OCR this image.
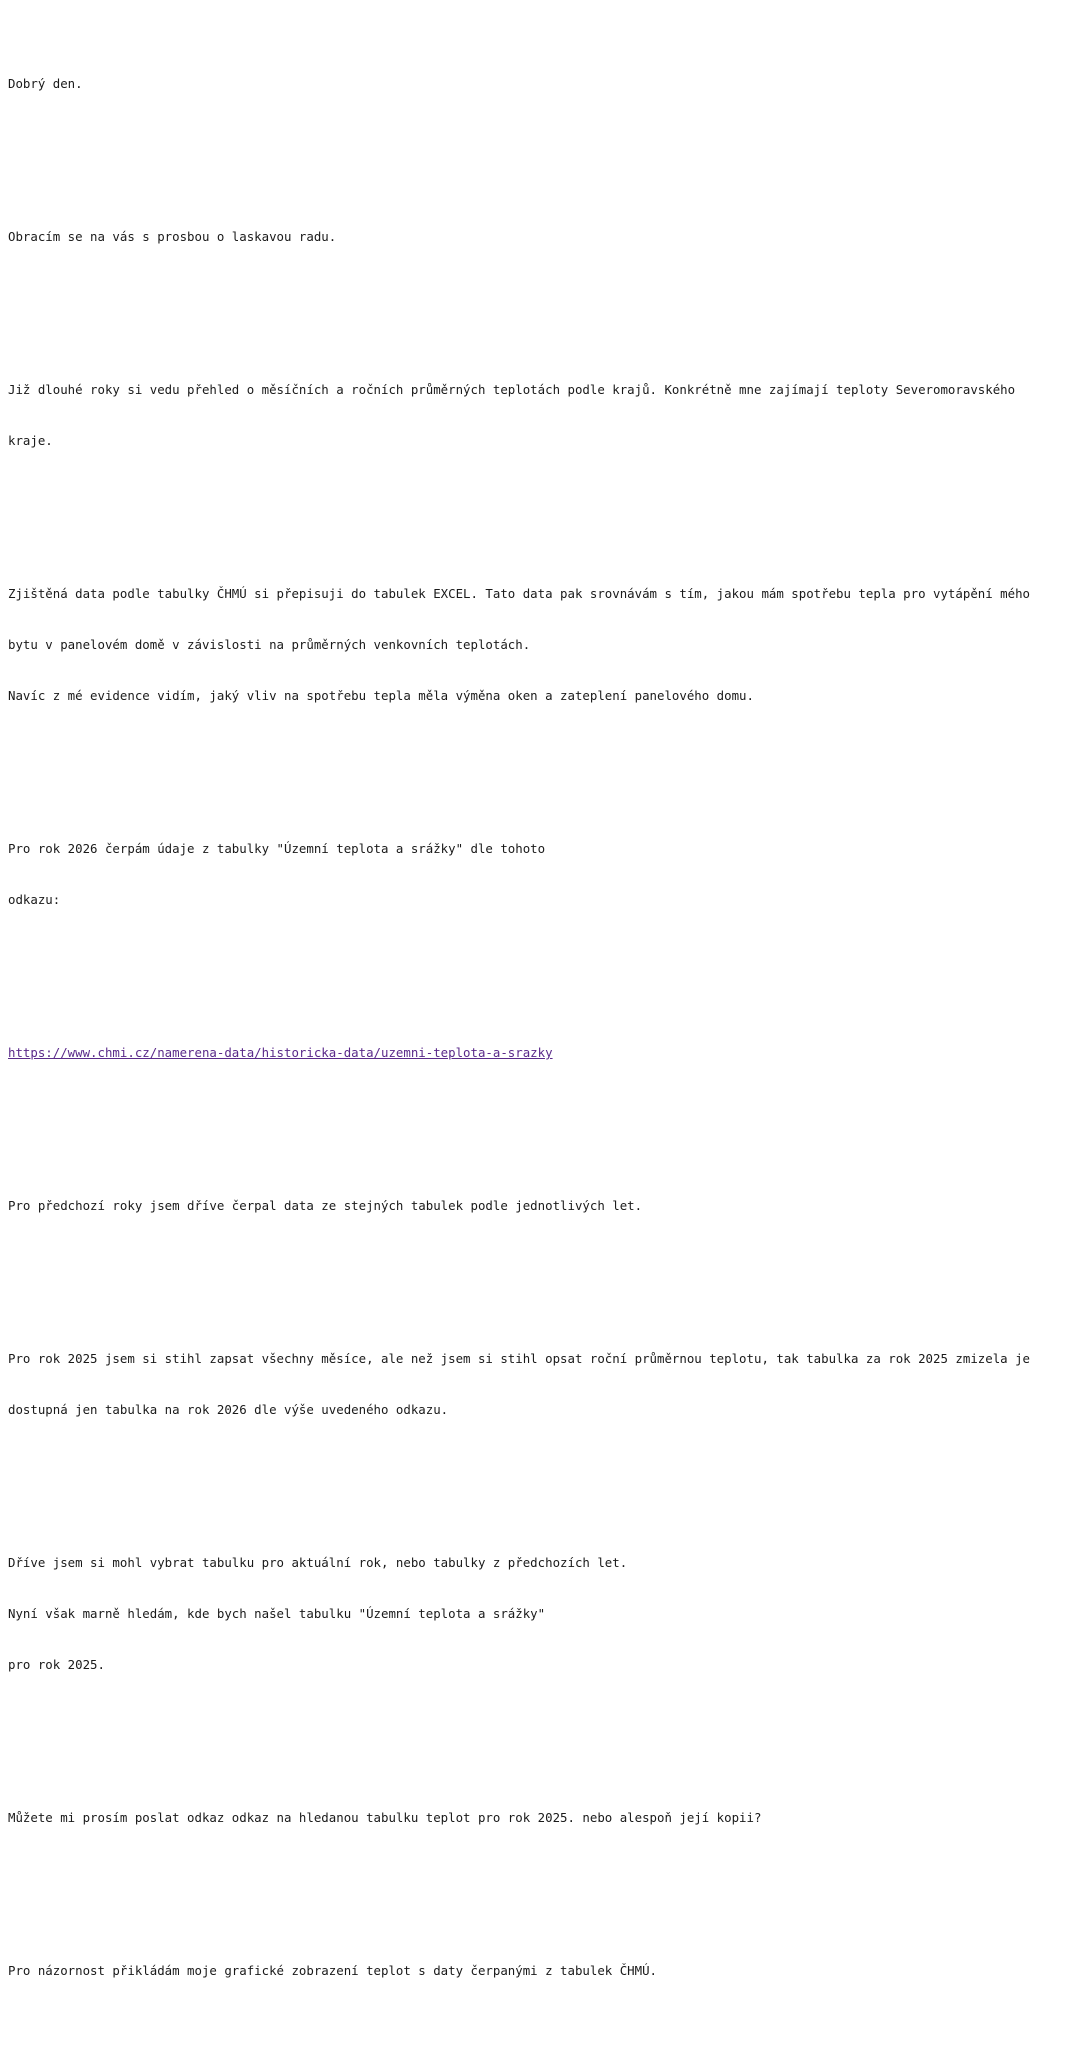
Dobrý den.

Obracím se na vás s prosbou o laskavou radu.

Již dlouhé roky si vedu přehled o měsíčních a ročních průměrných teplotách podle krajů. Konkrétně mne zajímají teploty Severomoravského

kraje.

Zjištěná data podle tabulky ČHMÚ si přepisuji do tabulek EXCEL. Tato data pak srovnávám s tím, jakou mám spotřebu tepla pro vytápění mého

bytu v panelovém domě v závislosti na průměrných venkovních teplotách.

Navíc z mé evidence vidím, jaký vliv na spotřebu tepla měla výměna oken a zateplení panelového domu.

Pro rok 2026 čerpám údaje z tabulky "Územní teplota a srážky" dle tohoto

odkazu:

https://www.chmi.cz/namerena-data/historicka-data/uzemni-teplota-a-srazky

Pro předchozí roky jsem dříve čerpal data ze stejných tabulek podle jednotlivých let.

Pro rok 2025 jsem si stihl zapsat všechny měsíce, ale než jsem si stihl opsat roční průměrnou teplotu, tak tabulka za rok 2025 zmizela je

dostupná jen tabulka na rok 2026 dle výše uvedeného odkazu.

Dříve jsem si mohl vybrat tabulku pro aktuální rok, nebo tabulky z předchozích let.

Nyní však marně hledám, kde bych našel tabulku "Územní teplota a srážky"

pro rok 2025.

Můžete mi prosím poslat odkaz odkaz na hledanou tabulku teplot pro rok 2025. nebo alespoň její kopii?

Pro názornost přikládám moje grafické zobrazení teplot s daty čerpanými z tabulek ČHMÚ.
